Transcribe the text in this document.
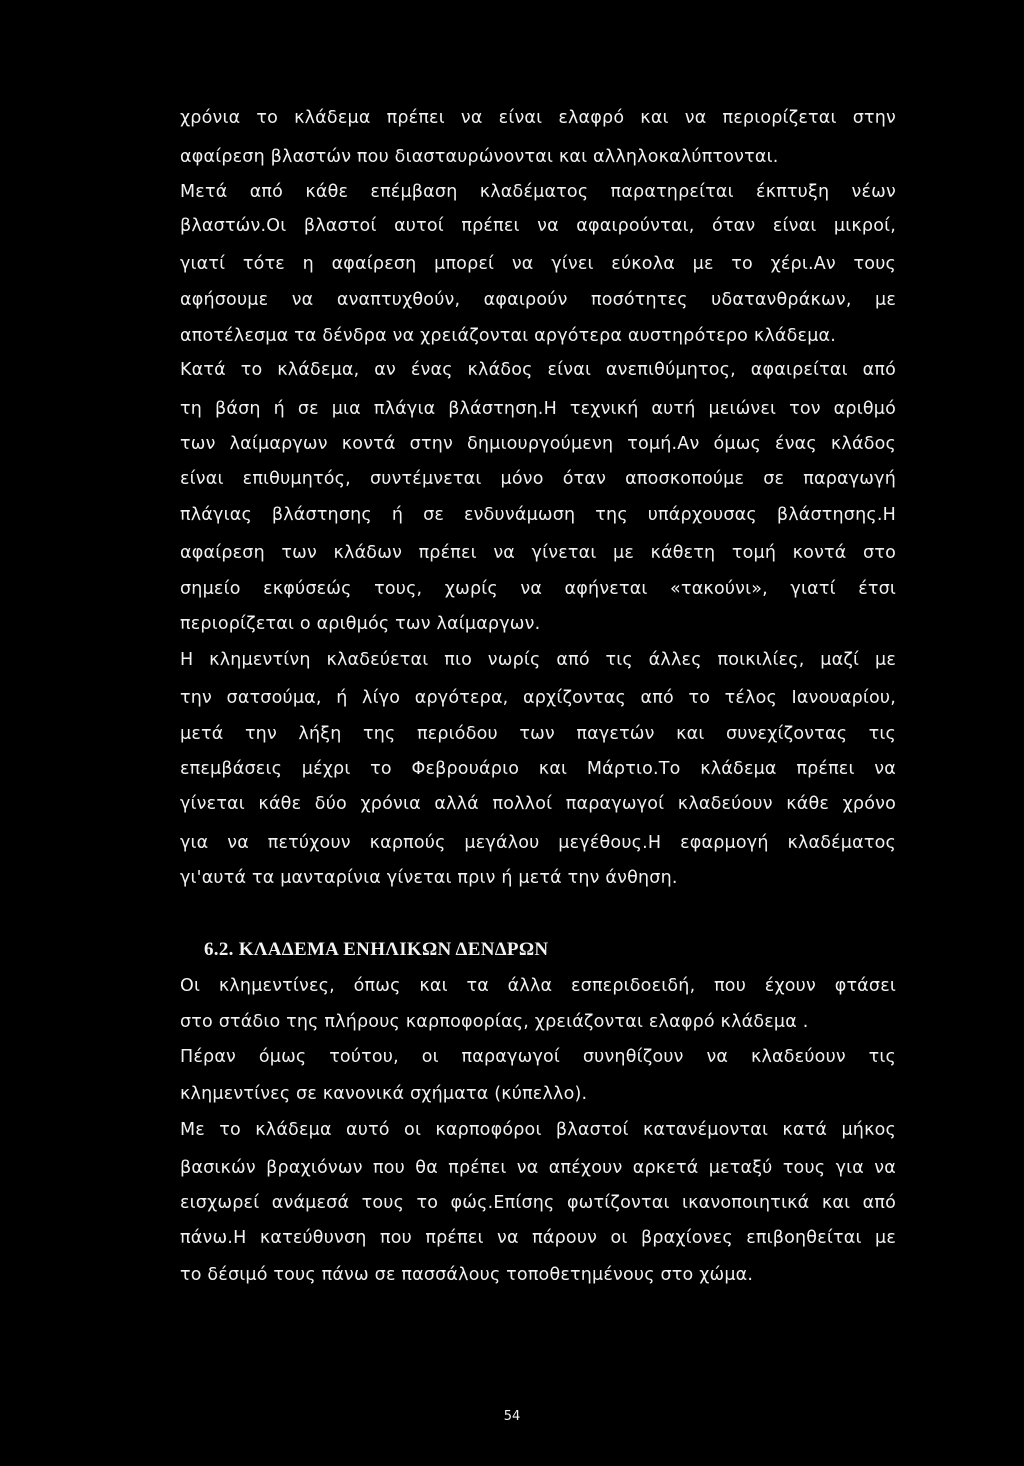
χρόνια το κλάδεμα πρέπει να είναι ελαφρό και να περιορίζεται στην
αφαίρεση βλαστών που διασταυρώνονται και αλληλοκαλύπτονται.
Μετά από κάθε επέμβαση κλαδέματος παρατηρείται έκπτυξη νέων
βλαστών.Οι βλαστοί αυτοί πρέπει να αφαιρούνται, όταν είναι μικροί,
γιατί τότε η αφαίρεση μπορεί να γίνει εύκολα με το χέρι.Αν τους
αφήσουμε να αναπτυχθούν, αφαιρούν ποσότητες υδατανθράκων, με
αποτέλεσμα τα δένδρα να χρειάζονται αργότερα αυστηρότερο κλάδεμα.
Κατά το κλάδεμα, αν ένας κλάδος είναι ανεπιθύμητος, αφαιρείται από
τη βάση ή σε μια πλάγια βλάστηση.Η τεχνική αυτή μειώνει τον αριθμό
των λαίμαργων κοντά στην δημιουργούμενη τομή.Αν όμως ένας κλάδος
είναι επιθυμητός, συντέμνεται μόνο όταν αποσκοπούμε σε παραγωγή
πλάγιας βλάστησης ή σε ενδυνάμωση της υπάρχουσας βλάστησης.Η
αφαίρεση των κλάδων πρέπει να γίνεται με κάθετη τομή κοντά στο
σημείο εκφύσεώς τους, χωρίς να αφήνεται «τακούνι», γιατί έτσι
περιορίζεται ο αριθμός των λαίμαργων.
Η κλημεντίνη κλαδεύεται πιο νωρίς από τις άλλες ποικιλίες, μαζί με
την σατσούμα, ή λίγο αργότερα, αρχίζοντας από το τέλος Ιανουαρίου,
μετά την λήξη της περιόδου των παγετών και συνεχίζοντας τις
επεμβάσεις μέχρι το Φεβρουάριο και Μάρτιο.Το κλάδεμα πρέπει να
γίνεται κάθε δύο χρόνια αλλά πολλοί παραγωγοί κλαδεύουν κάθε χρόνο
για να πετύχουν καρπούς μεγάλου μεγέθους.Η εφαρμογή κλαδέματος
γι'αυτά τα μανταρίνια γίνεται πριν ή μετά την άνθηση.
6.2. ΚΛΑΔΕΜΑ ΕΝΗΛΙΚΩΝ ΔΕΝΔΡΩΝ
Οι κλημεντίνες, όπως και τα άλλα εσπεριδοειδή, που έχουν φτάσει
στο στάδιο της πλήρους καρποφορίας, χρειάζονται ελαφρό κλάδεμα .
Πέραν όμως τούτου, οι παραγωγοί συνηθίζουν να κλαδεύουν τις
κλημεντίνες σε κανονικά σχήματα (κύπελλο).
Με το κλάδεμα αυτό οι καρποφόροι βλαστοί κατανέμονται κατά μήκος
βασικών βραχιόνων που θα πρέπει να απέχουν αρκετά μεταξύ τους για να
εισχωρεί ανάμεσά τους το φώς.Επίσης φωτίζονται ικανοποιητικά και από
πάνω.Η κατεύθυνση που πρέπει να πάρουν οι βραχίονες επιβοηθείται με
το δέσιμό τους πάνω σε πασσάλους τοποθετημένους στο χώμα.
54
